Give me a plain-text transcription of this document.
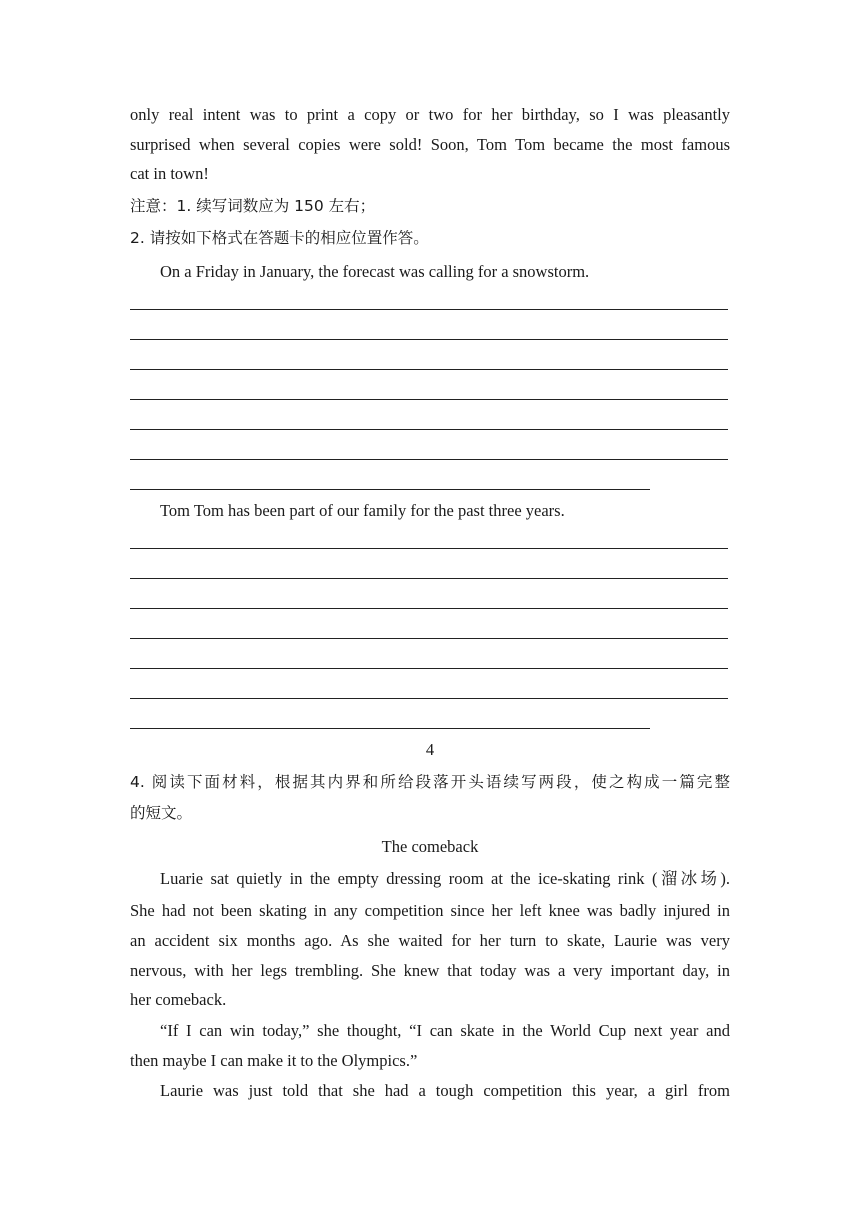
only real intent was to print a copy or two for her birthday, so I was pleasantly
surprised when several copies were sold! Soon, Tom Tom became the most famous
cat in town!
注意：1. 续写词数应为 150 左右；
2. 请按如下格式在答题卡的相应位置作答。
On a Friday in January, the forecast was calling for a snowstorm.
Tom Tom has been part of our family for the past three years.
4
4. 阅读下面材料，根据其内界和所给段落开头语续写两段，使之构成一篇完整
的短文。
The comeback
Luarie sat quietly in the empty dressing room at the ice-skating rink (溜冰场).
She had not been skating in any competition since her left knee was badly injured in
an accident six months ago. As she waited for her turn to skate, Laurie was very
nervous, with her legs trembling. She knew that today was a very important day, in
her comeback.
“If I can win today,” she thought, “I can skate in the World Cup next year and
then maybe I can make it to the Olympics.”
Laurie was just told that she had a tough competition this year, a girl from
